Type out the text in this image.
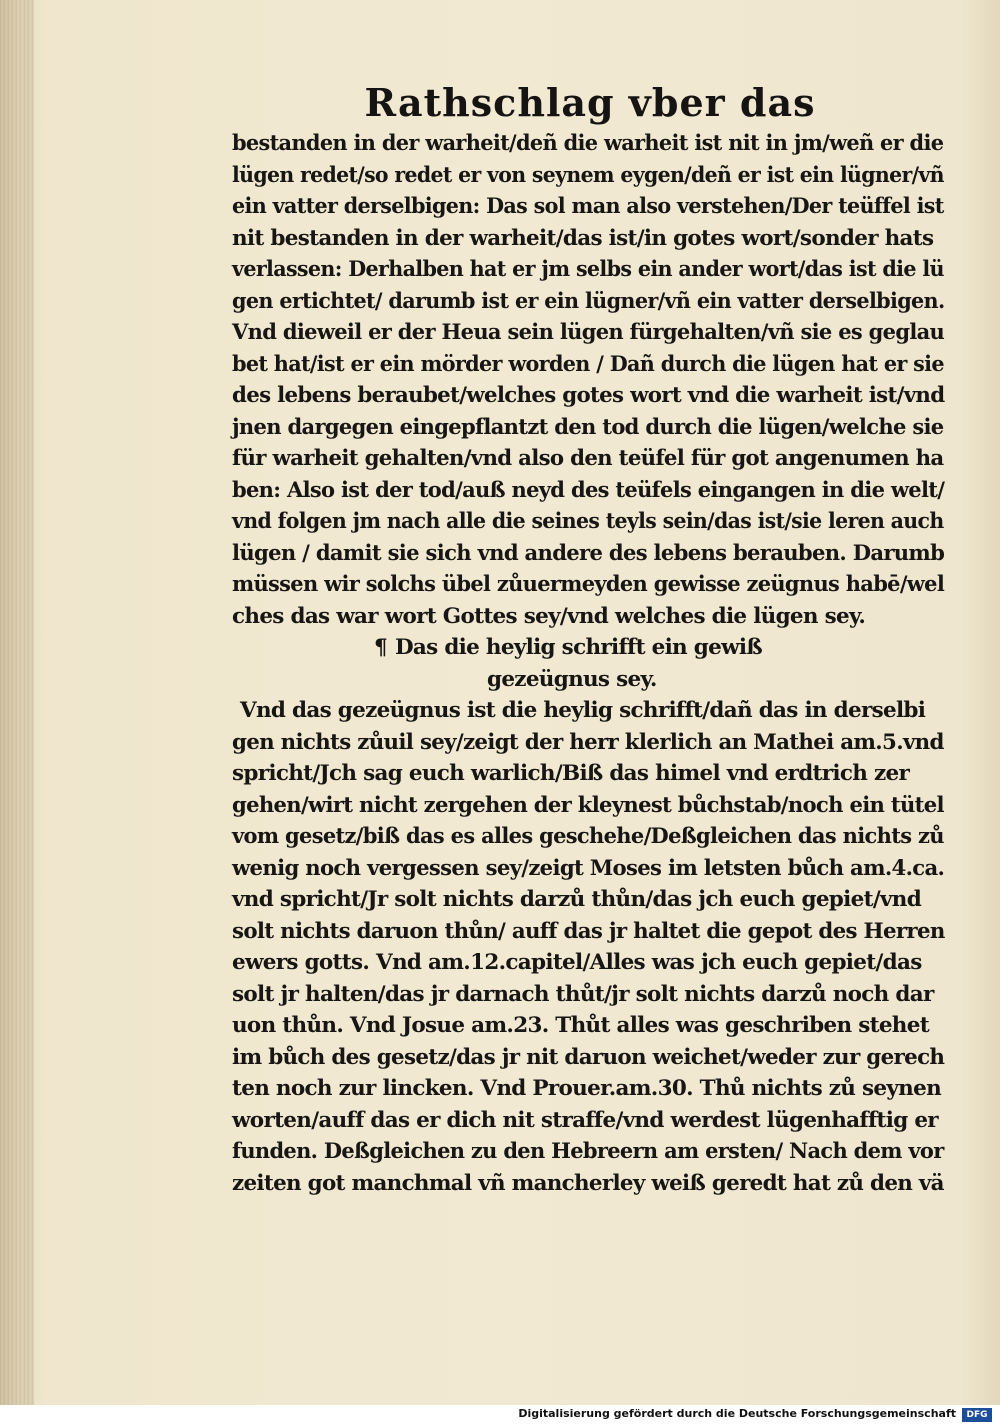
Rathschlag vber das
bestanden in der warheit/deñ die warheit ist nit in jm/weñ er die
lügen redet/so redet er von seynem eygen/deñ er ist ein lügner/vñ
ein vatter derselbigen: Das sol man also verstehen/Der teüffel ist
nit bestanden in der warheit/das ist/in gotes wort/sonder hats
verlassen: Derhalben hat er jm selbs ein ander wort/das ist die lü
gen ertichtet/ darumb ist er ein lügner/vñ ein vatter derselbigen.
Vnd dieweil er der Heua sein lügen fürgehalten/vñ sie es geglau
bet hat/ist er ein mörder worden / Dañ durch die lügen hat er sie
des lebens beraubet/welches gotes wort vnd die warheit ist/vnd
jnen dargegen eingepflantzt den tod durch die lügen/welche sie
für warheit gehalten/vnd also den teüfel für got angenumen ha
ben: Also ist der tod/auß neyd des teüfels eingangen in die welt/
vnd folgen jm nach alle die seines teyls sein/das ist/sie leren auch
lügen / damit sie sich vnd andere des lebens berauben. Darumb
müssen wir solchs übel zůuermeyden gewisse zeügnus habē/wel
ches das war wort Gottes sey/vnd welches die lügen sey.
¶ Das die heylig schrifft ein gewiß
gezeügnus sey.
Vnd das gezeügnus ist die heylig schrifft/dañ das in derselbi
gen nichts zůuil sey/zeigt der herr klerlich an Mathei am.5.vnd
spricht/Jch sag euch warlich/Biß das himel vnd erdtrich zer
gehen/wirt nicht zergehen der kleynest bůchstab/noch ein tütel
vom gesetz/biß das es alles geschehe/Deßgleichen das nichts zů
wenig noch vergessen sey/zeigt Moses im letsten bůch am.4.ca.
vnd spricht/Jr solt nichts darzů thůn/das jch euch gepiet/vnd
solt nichts daruon thůn/ auff das jr haltet die gepot des Herren
ewers gotts. Vnd am.12.capitel/Alles was jch euch gepiet/das
solt jr halten/das jr darnach thůt/jr solt nichts darzů noch dar
uon thůn. Vnd Josue am.23. Thůt alles was geschriben stehet
im bůch des gesetz/das jr nit daruon weichet/weder zur gerech
ten noch zur lincken. Vnd Prouer.am.30. Thů nichts zů seynen
worten/auff das er dich nit straffe/vnd werdest lügenhafftig er
funden. Deßgleichen zu den Hebreern am ersten/ Nach dem vor
zeiten got manchmal vñ mancherley weiß geredt hat zů den vä
Digitalisierung gefördert durch die Deutsche Forschungsgemeinschaft	DFG
